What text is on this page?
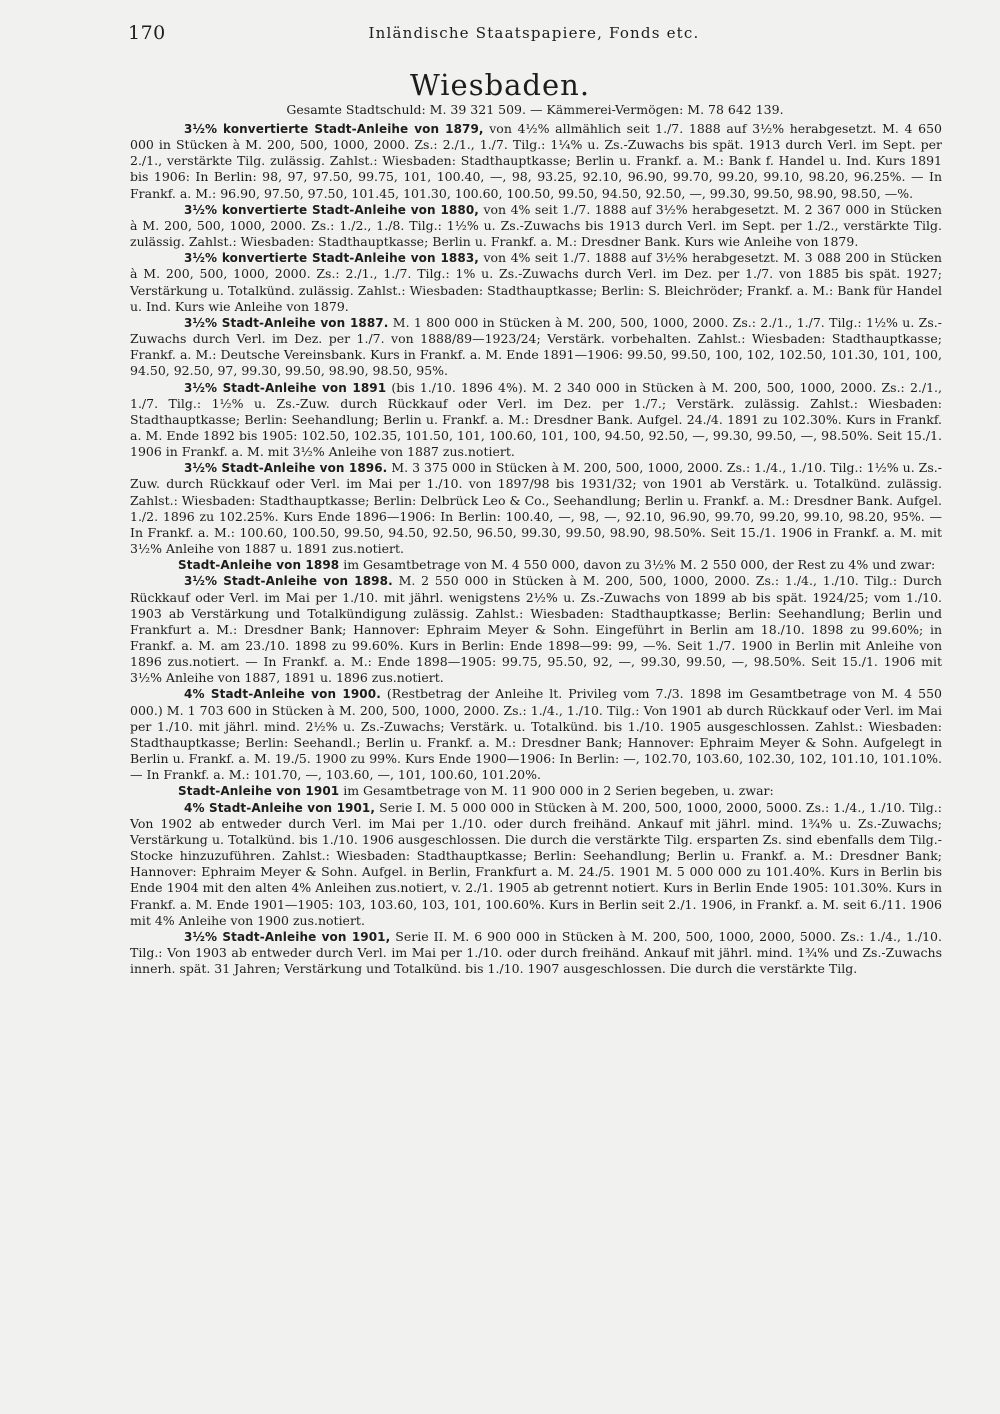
170	Inländische Staatspapiere, Fonds etc.
Wiesbaden.
Gesamte Stadtschuld: M. 39 321 509. — Kämmerei-Vermögen: M. 78 642 139.

3½% konvertierte Stadt-Anleihe von 1879, von 4½% allmählich seit 1./7. 1888 auf 3½% herabgesetzt. M. 4 650 000 in Stücken à M. 200, 500, 1000, 2000. Zs.: 2./1., 1./7. Tilg.: 1¼% u. Zs.-Zuwachs bis spät. 1913 durch Verl. im Sept. per 2./1., verstärkte Tilg. zulässig. Zahlst.: Wiesbaden: Stadthauptkasse; Berlin u. Frankf. a. M.: Bank f. Handel u. Ind. Kurs 1891 bis 1906: In Berlin: 98, 97, 97.50, 99.75, 101, 100.40, —, 98, 93.25, 92.10, 96.90, 99.70, 99.20, 99.10, 98.20, 96.25%. — In Frankf. a. M.: 96.90, 97.50, 97.50, 101.45, 101.30, 100.60, 100.50, 99.50, 94.50, 92.50, —, 99.30, 99.50, 98.90, 98.50, —%.

3½% konvertierte Stadt-Anleihe von 1880, von 4% seit 1./7. 1888 auf 3½% herabgesetzt. M. 2 367 000 in Stücken à M. 200, 500, 1000, 2000. Zs.: 1./2., 1./8. Tilg.: 1½% u. Zs.-Zuwachs bis 1913 durch Verl. im Sept. per 1./2., verstärkte Tilg. zulässig. Zahlst.: Wiesbaden: Stadthauptkasse; Berlin u. Frankf. a. M.: Dresdner Bank. Kurs wie Anleihe von 1879.

3½% konvertierte Stadt-Anleihe von 1883, von 4% seit 1./7. 1888 auf 3½% herabgesetzt. M. 3 088 200 in Stücken à M. 200, 500, 1000, 2000. Zs.: 2./1., 1./7. Tilg.: 1% u. Zs.-Zuwachs durch Verl. im Dez. per 1./7. von 1885 bis spät. 1927; Verstärkung u. Totalkünd. zulässig. Zahlst.: Wiesbaden: Stadthauptkasse; Berlin: S. Bleichröder; Frankf. a. M.: Bank für Handel u. Ind. Kurs wie Anleihe von 1879.

3½% Stadt-Anleihe von 1887. M. 1 800 000 in Stücken à M. 200, 500, 1000, 2000. Zs.: 2./1., 1./7. Tilg.: 1½% u. Zs.-Zuwachs durch Verl. im Dez. per 1./7. von 1888/89—1923/24; Verstärk. vorbehalten. Zahlst.: Wiesbaden: Stadthauptkasse; Frankf. a. M.: Deutsche Vereinsbank. Kurs in Frankf. a. M. Ende 1891—1906: 99.50, 99.50, 100, 102, 102.50, 101.30, 101, 100, 94.50, 92.50, 97, 99.30, 99.50, 98.90, 98.50, 95%.

3½% Stadt-Anleihe von 1891 (bis 1./10. 1896 4%). M. 2 340 000 in Stücken à M. 200, 500, 1000, 2000. Zs.: 2./1., 1./7. Tilg.: 1½% u. Zs.-Zuw. durch Rückkauf oder Verl. im Dez. per 1./7.; Verstärk. zulässig. Zahlst.: Wiesbaden: Stadthauptkasse; Berlin: Seehandlung; Berlin u. Frankf. a. M.: Dresdner Bank. Aufgel. 24./4. 1891 zu 102.30%. Kurs in Frankf. a. M. Ende 1892 bis 1905: 102.50, 102.35, 101.50, 101, 100.60, 101, 100, 94.50, 92.50, —, 99.30, 99.50, —, 98.50%. Seit 15./1. 1906 in Frankf. a. M. mit 3½% Anleihe von 1887 zus.notiert.

3½% Stadt-Anleihe von 1896. M. 3 375 000 in Stücken à M. 200, 500, 1000, 2000. Zs.: 1./4., 1./10. Tilg.: 1½% u. Zs.-Zuw. durch Rückkauf oder Verl. im Mai per 1./10. von 1897/98 bis 1931/32; von 1901 ab Verstärk. u. Totalkünd. zulässig. Zahlst.: Wiesbaden: Stadthauptkasse; Berlin: Delbrück Leo & Co., Seehandlung; Berlin u. Frankf. a. M.: Dresdner Bank. Aufgel. 1./2. 1896 zu 102.25%. Kurs Ende 1896—1906: In Berlin: 100.40, —, 98, —, 92.10, 96.90, 99.70, 99.20, 99.10, 98.20, 95%. — In Frankf. a. M.: 100.60, 100.50, 99.50, 94.50, 92.50, 96.50, 99.30, 99.50, 98.90, 98.50%. Seit 15./1. 1906 in Frankf. a. M. mit 3½% Anleihe von 1887 u. 1891 zus.notiert.

Stadt-Anleihe von 1898 im Gesamtbetrage von M. 4 550 000, davon zu 3½% M. 2 550 000, der Rest zu 4% und zwar:

3½% Stadt-Anleihe von 1898. M. 2 550 000 in Stücken à M. 200, 500, 1000, 2000. Zs.: 1./4., 1./10. Tilg.: Durch Rückkauf oder Verl. im Mai per 1./10. mit jährl. wenigstens 2½% u. Zs.-Zuwachs von 1899 ab bis spät. 1924/25; vom 1./10. 1903 ab Verstärkung und Totalkündigung zulässig. Zahlst.: Wiesbaden: Stadthauptkasse; Berlin: Seehandlung; Berlin und Frankfurt a. M.: Dresdner Bank; Hannover: Ephraim Meyer & Sohn. Eingeführt in Berlin am 18./10. 1898 zu 99.60%; in Frankf. a. M. am 23./10. 1898 zu 99.60%. Kurs in Berlin: Ende 1898—99: 99, —%. Seit 1./7. 1900 in Berlin mit Anleihe von 1896 zus.notiert. — In Frankf. a. M.: Ende 1898—1905: 99.75, 95.50, 92, —, 99.30, 99.50, —, 98.50%. Seit 15./1. 1906 mit 3½% Anleihe von 1887, 1891 u. 1896 zus.notiert.

4% Stadt-Anleihe von 1900. (Restbetrag der Anleihe lt. Privileg vom 7./3. 1898 im Gesamtbetrage von M. 4 550 000.) M. 1 703 600 in Stücken à M. 200, 500, 1000, 2000. Zs.: 1./4., 1./10. Tilg.: Von 1901 ab durch Rückkauf oder Verl. im Mai per 1./10. mit jährl. mind. 2½% u. Zs.-Zuwachs; Verstärk. u. Totalkünd. bis 1./10. 1905 ausgeschlossen. Zahlst.: Wiesbaden: Stadthauptkasse; Berlin: Seehandl.; Berlin u. Frankf. a. M.: Dresdner Bank; Hannover: Ephraim Meyer & Sohn. Aufgelegt in Berlin u. Frankf. a. M. 19./5. 1900 zu 99%. Kurs Ende 1900—1906: In Berlin: —, 102.70, 103.60, 102.30, 102, 101.10, 101.10%. — In Frankf. a. M.: 101.70, —, 103.60, —, 101, 100.60, 101.20%.

Stadt-Anleihe von 1901 im Gesamtbetrage von M. 11 900 000 in 2 Serien begeben, u. zwar:

4% Stadt-Anleihe von 1901, Serie I. M. 5 000 000 in Stücken à M. 200, 500, 1000, 2000, 5000. Zs.: 1./4., 1./10. Tilg.: Von 1902 ab entweder durch Verl. im Mai per 1./10. oder durch freihänd. Ankauf mit jährl. mind. 1¾% u. Zs.-Zuwachs; Verstärkung u. Totalkünd. bis 1./10. 1906 ausgeschlossen. Die durch die verstärkte Tilg. ersparten Zs. sind ebenfalls dem Tilg.-Stocke hinzuzuführen. Zahlst.: Wiesbaden: Stadthauptkasse; Berlin: Seehandlung; Berlin u. Frankf. a. M.: Dresdner Bank; Hannover: Ephraim Meyer & Sohn. Aufgel. in Berlin, Frankfurt a. M. 24./5. 1901 M. 5 000 000 zu 101.40%. Kurs in Berlin bis Ende 1904 mit den alten 4% Anleihen zus.notiert, v. 2./1. 1905 ab getrennt notiert. Kurs in Berlin Ende 1905: 101.30%. Kurs in Frankf. a. M. Ende 1901—1905: 103, 103.60, 103, 101, 100.60%. Kurs in Berlin seit 2./1. 1906, in Frankf. a. M. seit 6./11. 1906 mit 4% Anleihe von 1900 zus.notiert.

3½% Stadt-Anleihe von 1901, Serie II. M. 6 900 000 in Stücken à M. 200, 500, 1000, 2000, 5000. Zs.: 1./4., 1./10. Tilg.: Von 1903 ab entweder durch Verl. im Mai per 1./10. oder durch freihänd. Ankauf mit jährl. mind. 1¾% und Zs.-Zuwachs innerh. spät. 31 Jahren; Verstärkung und Totalkünd. bis 1./10. 1907 ausgeschlossen. Die durch die verstärkte Tilg.
